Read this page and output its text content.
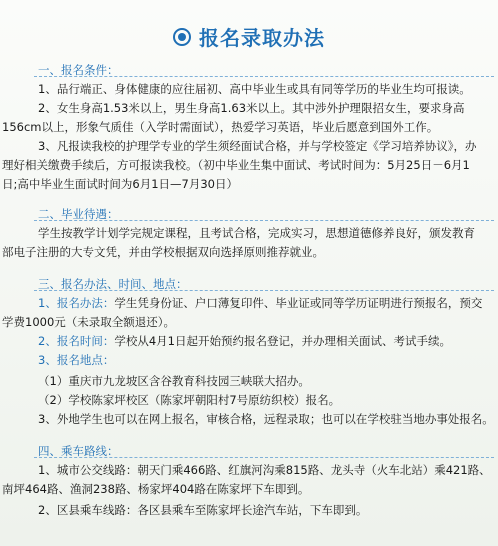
报名录取办法
一、报名条件：
1、品行端正、身体健康的应往届初、高中毕业生或具有同等学历的毕业生均可报读。
2、女生身高1.53米以上，男生身高1.63米以上。其中涉外护理限招女生，要求身高
156cm以上，形象气质佳（入学时需面试），热爱学习英语，毕业后愿意到国外工作。
3、凡报读我校的护理学专业的学生须经面试合格，并与学校签定《学习培养协议》，办
理好相关缴费手续后，方可报读我校。（初中毕业生集中面试、考试时间为：5月25日－6月1
日;高中毕业生面试时间为6月1日—7月30日）
二、毕业待遇：
学生按教学计划学完规定课程，且考试合格，完成实习，思想道德修养良好，颁发教育
部电子注册的大专文凭，并由学校根据双向选择原则推荐就业。
三、报名办法、时间、地点：
1、报名办法：学生凭身份证、户口薄复印件、毕业证或同等学历证明进行预报名，预交
学费1000元（未录取全额退还）。
2、报名时间：学校从4月1日起开始预约报名登记，并办理相关面试、考试手续。
3、报名地点：
（1）重庆市九龙坡区含谷教育科技园三峡联大招办。
（2）学校陈家坪校区（陈家坪朝阳村7号原纺织校）报名。
3、外地学生也可以在网上报名，审核合格，远程录取；也可以在学校驻当地办事处报名。
四、乘车路线：
1、城市公交线路：朝天门乘466路、红旗河沟乘815路、龙头寺（火车北站）乘421路、
南坪464路、渔洞238路、杨家坪404路在陈家坪下车即到。
2、区县乘车线路：各区县乘车至陈家坪长途汽车站，下车即到。
